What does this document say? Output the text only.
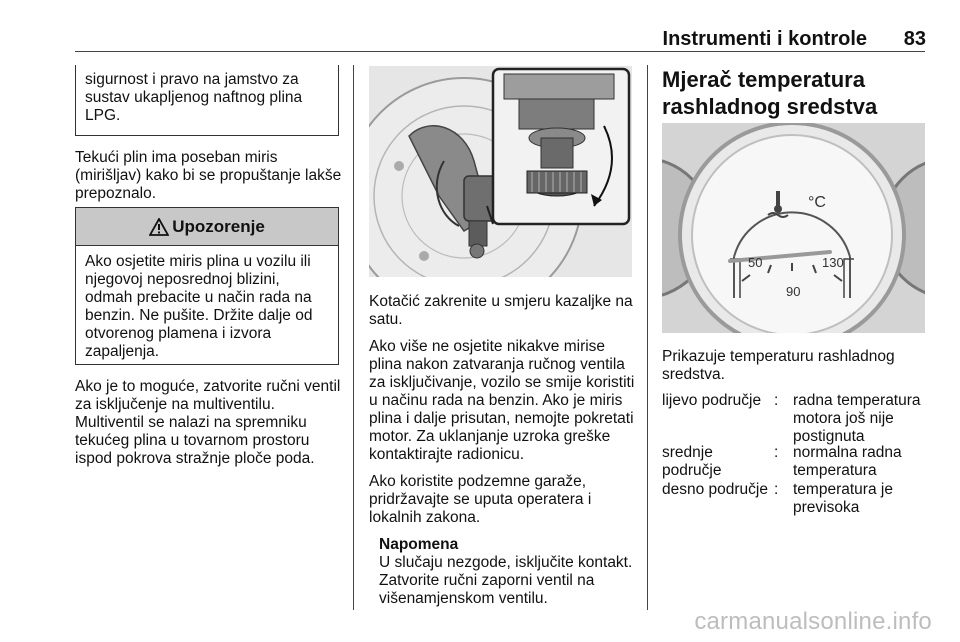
Instrumenti i kontrole 83
sigurnost i pravo na jamstvo za sustav ukapljenog naftnog plina LPG.

Tekući plin ima poseban miris (mirišljav) kako bi se propuštanje lakše prepoznalo.

Upozorenje
Ako osjetite miris plina u vozilu ili njegovoj neposrednoj blizini, odmah prebacite u način rada na benzin. Ne pušite. Držite dalje od otvorenog plamena i izvora zapaljenja.

Ako je to moguće, zatvorite ručni ventil za isključenje na multiventilu. Multiventil se nalazi na spremniku tekućeg plina u tovarnom prostoru ispod pokrova stražnje ploče poda.

Kotačić zakrenite u smjeru kazaljke na satu.

Ako više ne osjetite nikakve mirise plina nakon zatvaranja ručnog ventila za isključivanje, vozilo se smije koristiti u načinu rada na benzin. Ako je miris plina i dalje prisutan, nemojte pokretati motor. Za uklanjanje uzroka greške kontaktirajte radionicu.

Ako koristite podzemne garaže, pridržavajte se uputa operatera i lokalnih zakona.

Napomena
U slučaju nezgode, isključite kontakt. Zatvorite ručni zaporni ventil na višenamjenskom ventilu.
Mjerač temperatura rashladnog sredstva
°C
50	130
90

Prikazuje temperaturu rashladnog sredstva.

lijevo područje : radna temperatura motora još nije postignuta
srednje područje
: normalna radna temperatura
desno područje : temperatura je previsoka
carmanualsonline.info
